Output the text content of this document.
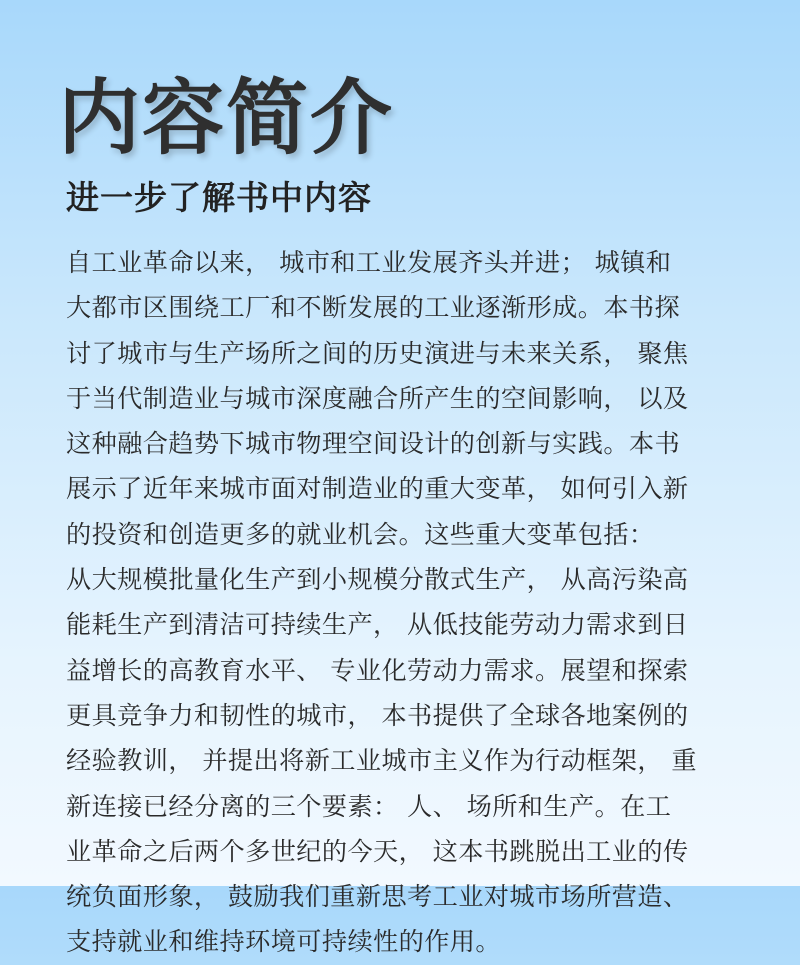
内容简介
进一步了解书中内容
自工业革命以来， 城市和工业发展齐头并进； 城镇和
大都市区围绕工厂和不断发展的工业逐渐形成。本书探
讨了城市与生产场所之间的历史演进与未来关系， 聚焦
于当代制造业与城市深度融合所产生的空间影响， 以及
这种融合趋势下城市物理空间设计的创新与实践。本书
展示了近年来城市面对制造业的重大变革， 如何引入新
的投资和创造更多的就业机会。这些重大变革包括：
从大规模批量化生产到小规模分散式生产， 从高污染高
能耗生产到清洁可持续生产， 从低技能劳动力需求到日
益增长的高教育水平、 专业化劳动力需求。展望和探索
更具竞争力和韧性的城市， 本书提供了全球各地案例的
经验教训， 并提出将新工业城市主义作为行动框架， 重
新连接已经分离的三个要素： 人、 场所和生产。在工
业革命之后两个多世纪的今天， 这本书跳脱出工业的传
统负面形象， 鼓励我们重新思考工业对城市场所营造、
支持就业和维持环境可持续性的作用。
